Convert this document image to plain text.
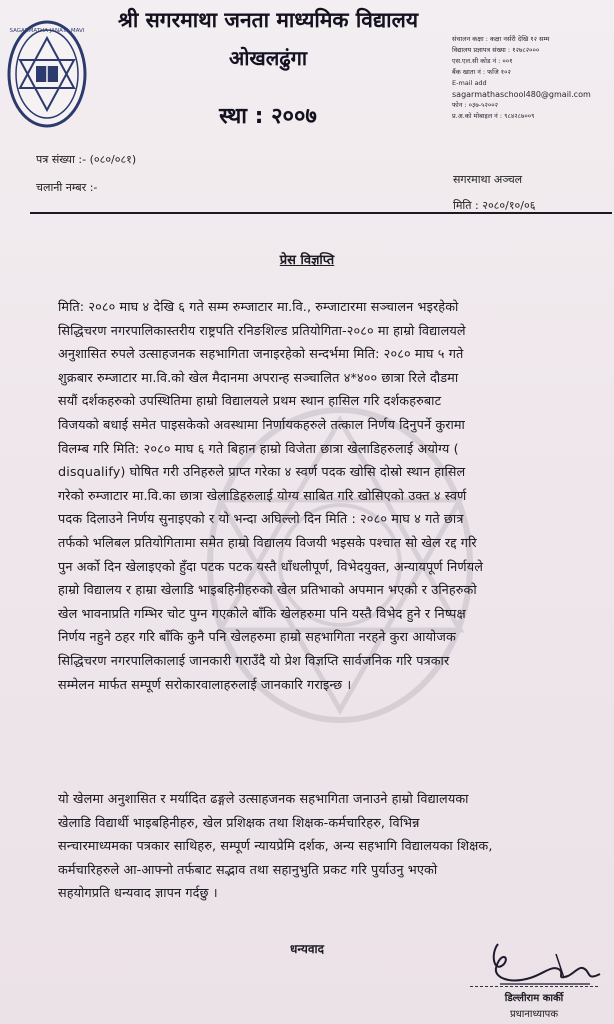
SAGARMATHA JANATA MAVI	श्री सगरमाथा जनता माध्यमिक विद्यालय
ओखलढुंगा
स्था : २००७
संचालन कक्षा : कक्षा नर्सरी देखि १२ सम्म
विद्यालय प्रज्ञापत्र संख्या : १२७८२०००
एस.एल.सी कोड नं : ००१
बैंक खाता नं : फजि १०२
E-mail add
sagarmathaschool480@gmail.com
फोन : ०३७-५२००२
प्र.अ.को मोबाइल नं : ९८४२८७००९
पत्र संख्या :- (०८०/०८१)
चलानी नम्बर :-
सगरमाथा अञ्चल
मिति : २०८०/१०/०६
प्रेस विज्ञप्ति
मिति: २०८० माघ ४ देखि ६ गते सम्म रुम्जाटार मा.वि., रुम्जाटारमा सञ्चालन भइरहेको
सिद्धिचरण नगरपालिकास्तरीय राष्ट्रपति रनिङशिल्ड प्रतियोगिता-२०८० मा हाम्रो विद्यालयले
अनुशासित रुपले उत्साहजनक सहभागिता जनाइरहेको सन्दर्भमा मिति: २०८० माघ ५ गते
शुक्रबार रुम्जाटार मा.वि.को खेल मैदानमा अपरान्ह सञ्चालित ४*४०० छात्रा रिले दौडमा
सयौं दर्शकहरुको उपस्थितिमा हाम्रो विद्यालयले प्रथम स्थान हासिल गरि दर्शकहरुबाट
विजयको बधाई समेत पाइसकेको अवस्थामा निर्णायकहरुले तत्काल निर्णय दिनुपर्ने कुरामा
विलम्ब गरि मिति: २०८० माघ ६ गते बिहान हाम्रो विजेता छात्रा खेलाडिहरुलाई अयोग्य (
disqualify) घोषित गरी उनिहरुले प्राप्त गरेका ४ स्वर्ण पदक खोसि दोस्रो स्थान हासिल
गरेको रुम्जाटार मा.वि.का छात्रा खेलाडिहरुलाई योग्य साबित गरि खोसिएको उक्त ४ स्वर्ण
पदक दिलाउने निर्णय सुनाइएको र यो भन्दा अघिल्लो दिन मिति : २०८० माघ ४ गते छात्र
तर्फको भलिबल प्रतियोगितामा समेत हाम्रो विद्यालय विजयी भइसके पश्चात सो खेल रद्द गरि
पुन अर्को दिन खेलाइएको हुँदा पटक पटक यस्तै धाँधलीपूर्ण, विभेदयुक्त, अन्यायपूर्ण निर्णयले
हाम्रो विद्यालय र हाम्रा खेलाडि भाइबहिनीहरुको खेल प्रतिभाको अपमान भएको र उनिहरुको
खेल भावनाप्रति गम्भिर चोट पुग्न गएकोले बाँकि खेलहरुमा पनि यस्तै विभेद हुने र निष्पक्ष
निर्णय नहुने ठहर गरि बाँकि कुनै पनि खेलहरुमा हाम्रो सहभागिता नरहने कुरा आयोजक
सिद्धिचरण नगरपालिकालाई जानकारी गराउँदै यो प्रेश विज्ञप्ति सार्वजनिक गरि पत्रकार
सम्मेलन मार्फत सम्पूर्ण सरोकारवालाहरुलाई जानकारि गराइन्छ ।
यो खेलमा अनुशासित र मर्यादित ढङ्गले उत्साहजनक सहभागिता जनाउने हाम्रो विद्यालयका
खेलाडि विद्यार्थी भाइबहिनीहरु, खेल प्रशिक्षक तथा शिक्षक-कर्मचारिहरु, विभिन्न
सन्चारमाध्यमका पत्रकार साथिहरु, सम्पूर्ण न्यायप्रेमि दर्शक, अन्य सहभागि विद्यालयका शिक्षक,
कर्मचारिहरुले आ-आफ्नो तर्फबाट सद्भाव तथा सहानुभुति प्रकट गरि पुर्याउनु भएको
सहयोगप्रति धन्यवाद ज्ञापन गर्दछु ।
धन्यवाद
डिल्लीराम कार्की
प्रधानाध्यापक
